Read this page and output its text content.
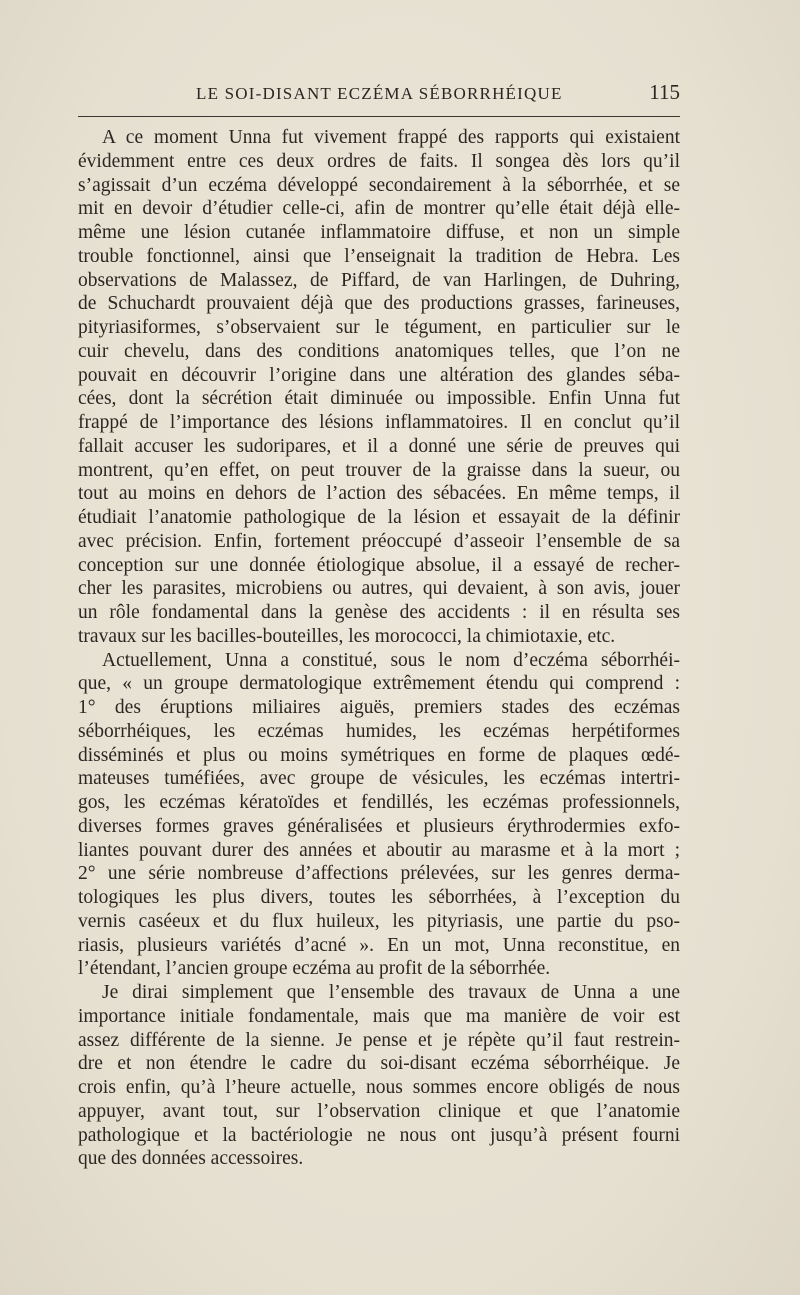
LE SOI-DISANT ECZÉMA SÉBORRHÉIQUE	115
A ce moment Unna fut vivement frappé des rapports qui existaient
évidemment entre ces deux ordres de faits. Il songea dès lors qu’il
s’agissait d’un eczéma développé secondairement à la séborrhée, et se
mit en devoir d’étudier celle-ci, afin de montrer qu’elle était déjà elle-
même une lésion cutanée inflammatoire diffuse, et non un simple
trouble fonctionnel, ainsi que l’enseignait la tradition de Hebra. Les
observations de Malassez, de Piffard, de van Harlingen, de Duhring,
de Schuchardt prouvaient déjà que des productions grasses, farineuses,
pityriasiformes, s’observaient sur le tégument, en particulier sur le
cuir chevelu, dans des conditions anatomiques telles, que l’on ne
pouvait en découvrir l’origine dans une altération des glandes séba-
cées, dont la sécrétion était diminuée ou impossible. Enfin Unna fut
frappé de l’importance des lésions inflammatoires. Il en conclut qu’il
fallait accuser les sudoripares, et il a donné une série de preuves qui
montrent, qu’en effet, on peut trouver de la graisse dans la sueur, ou
tout au moins en dehors de l’action des sébacées. En même temps, il
étudiait l’anatomie pathologique de la lésion et essayait de la définir
avec précision. Enfin, fortement préoccupé d’asseoir l’ensemble de sa
conception sur une donnée étiologique absolue, il a essayé de recher-
cher les parasites, microbiens ou autres, qui devaient, à son avis, jouer
un rôle fondamental dans la genèse des accidents : il en résulta ses
travaux sur les bacilles-bouteilles, les morococci, la chimiotaxie, etc.
Actuellement, Unna a constitué, sous le nom d’eczéma séborrhéi-
que, « un groupe dermatologique extrêmement étendu qui comprend :
1° des éruptions miliaires aiguës, premiers stades des eczémas
séborrhéiques, les eczémas humides, les eczémas herpétiformes
disséminés et plus ou moins symétriques en forme de plaques œdé-
mateuses tuméfiées, avec groupe de vésicules, les eczémas intertri-
gos, les eczémas kératoïdes et fendillés, les eczémas professionnels,
diverses formes graves généralisées et plusieurs érythrodermies exfo-
liantes pouvant durer des années et aboutir au marasme et à la mort ;
2° une série nombreuse d’affections prélevées, sur les genres derma-
tologiques les plus divers, toutes les séborrhées, à l’exception du
vernis caséeux et du flux huileux, les pityriasis, une partie du pso-
riasis, plusieurs variétés d’acné ». En un mot, Unna reconstitue, en
l’étendant, l’ancien groupe eczéma au profit de la séborrhée.
Je dirai simplement que l’ensemble des travaux de Unna a une
importance initiale fondamentale, mais que ma manière de voir est
assez différente de la sienne. Je pense et je répète qu’il faut restrein-
dre et non étendre le cadre du soi-disant eczéma séborrhéique. Je
crois enfin, qu’à l’heure actuelle, nous sommes encore obligés de nous
appuyer, avant tout, sur l’observation clinique et que l’anatomie
pathologique et la bactériologie ne nous ont jusqu’à présent fourni
que des données accessoires.
